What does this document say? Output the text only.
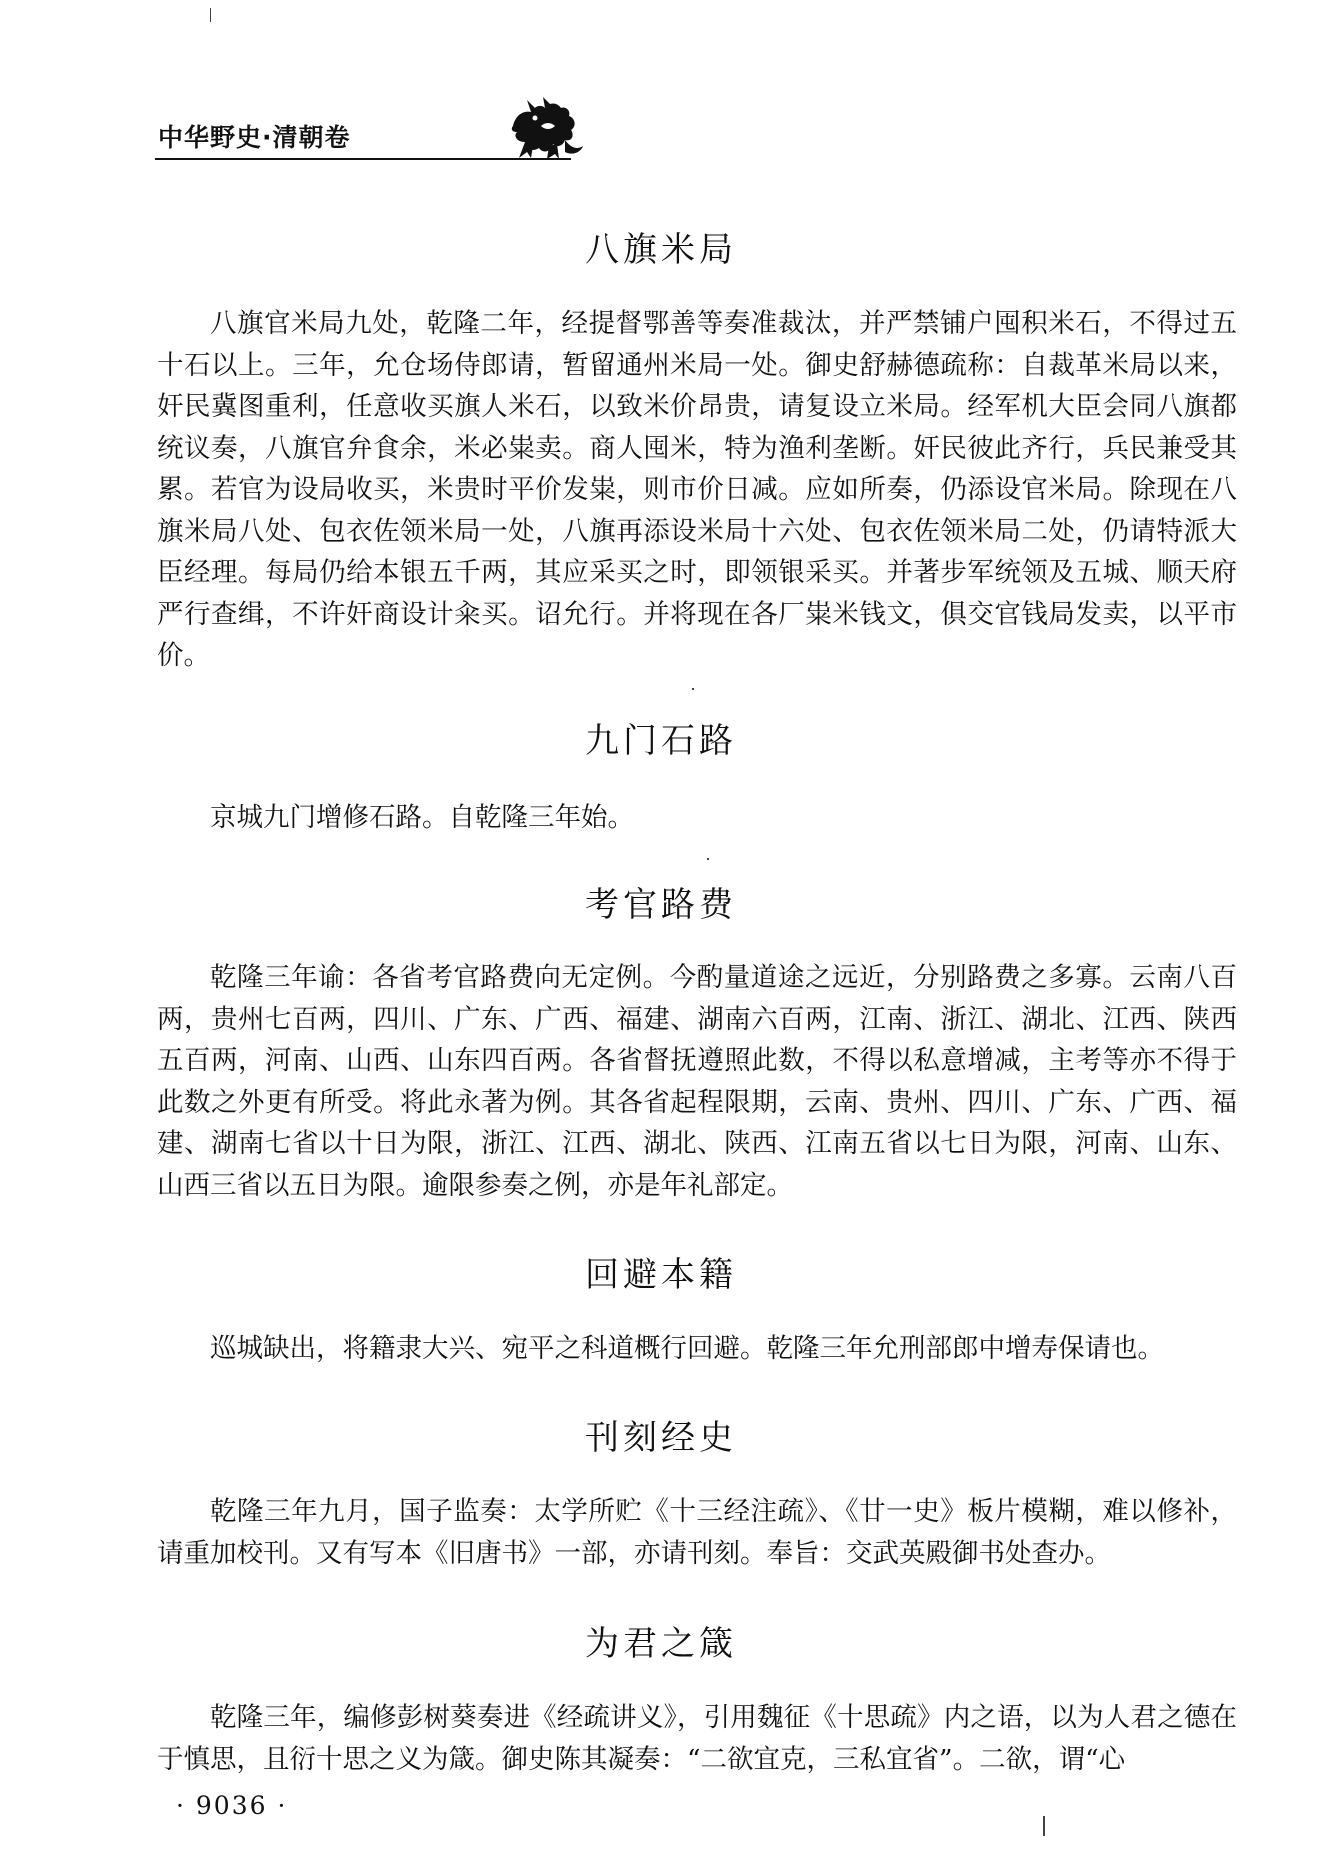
中华野史·清朝卷
八旗米局
八旗官米局九处，乾隆二年，经提督鄂善等奏准裁汰，并严禁铺户囤积米石，不得过五十石以上。三年，允仓场侍郎请，暂留通州米局一处。御史舒赫德疏称：自裁革米局以来，奸民冀图重利，任意收买旗人米石，以致米价昂贵，请复设立米局。经军机大臣会同八旗都统议奏，八旗官弁食余，米必粜卖。商人囤米，特为渔利垄断。奸民彼此齐行，兵民兼受其累。若官为设局收买，米贵时平价发粜，则市价日减。应如所奏，仍添设官米局。除现在八旗米局八处、包衣佐领米局一处，八旗再添设米局十六处、包衣佐领米局二处，仍请特派大臣经理。每局仍给本银五千两，其应采买之时，即领银采买。并著步军统领及五城、顺天府严行查缉，不许奸商设计籴买。诏允行。并将现在各厂粜米钱文，俱交官钱局发卖，以平市价。
九门石路
京城九门增修石路。自乾隆三年始。
考官路费
乾隆三年谕：各省考官路费向无定例。今酌量道途之远近，分别路费之多寡。云南八百两，贵州七百两，四川、广东、广西、福建、湖南六百两，江南、浙江、湖北、江西、陕西五百两，河南、山西、山东四百两。各省督抚遵照此数，不得以私意增减，主考等亦不得于此数之外更有所受。将此永著为例。其各省起程限期，云南、贵州、四川、广东、广西、福建、湖南七省以十日为限，浙江、江西、湖北、陕西、江南五省以七日为限，河南、山东、山西三省以五日为限。逾限参奏之例，亦是年礼部定。
回避本籍
巡城缺出，将籍隶大兴、宛平之科道概行回避。乾隆三年允刑部郎中增寿保请也。
刊刻经史
乾隆三年九月，国子监奏：太学所贮《十三经注疏》、《廿一史》板片模糊，难以修补，请重加校刊。又有写本《旧唐书》一部，亦请刊刻。奉旨：交武英殿御书处查办。
为君之箴
乾隆三年，编修彭树葵奏进《经疏讲义》，引用魏征《十思疏》内之语，以为人君之德在于慎思，且衍十思之义为箴。御史陈其凝奏：“二欲宜克，三私宜省”。二欲，谓“心
· 9036 ·
